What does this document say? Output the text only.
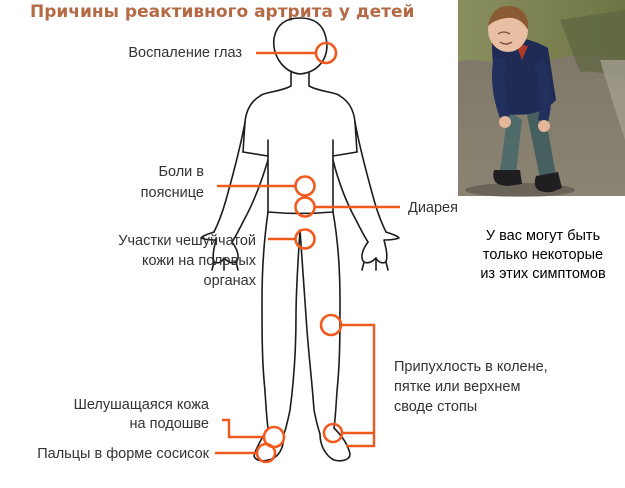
Причины реактивного артрита у детей
Воспаление глаз
Боли в
пояснице
Диарея
Участки чешуйчатой
кожи на половых
органах
Припухлость в колене,
пятке или верхнем
своде стопы
Шелушащаяся кожа
на подошве
Пальцы в форме сосисок
У вас могут быть
только некоторые
из этих симптомов
